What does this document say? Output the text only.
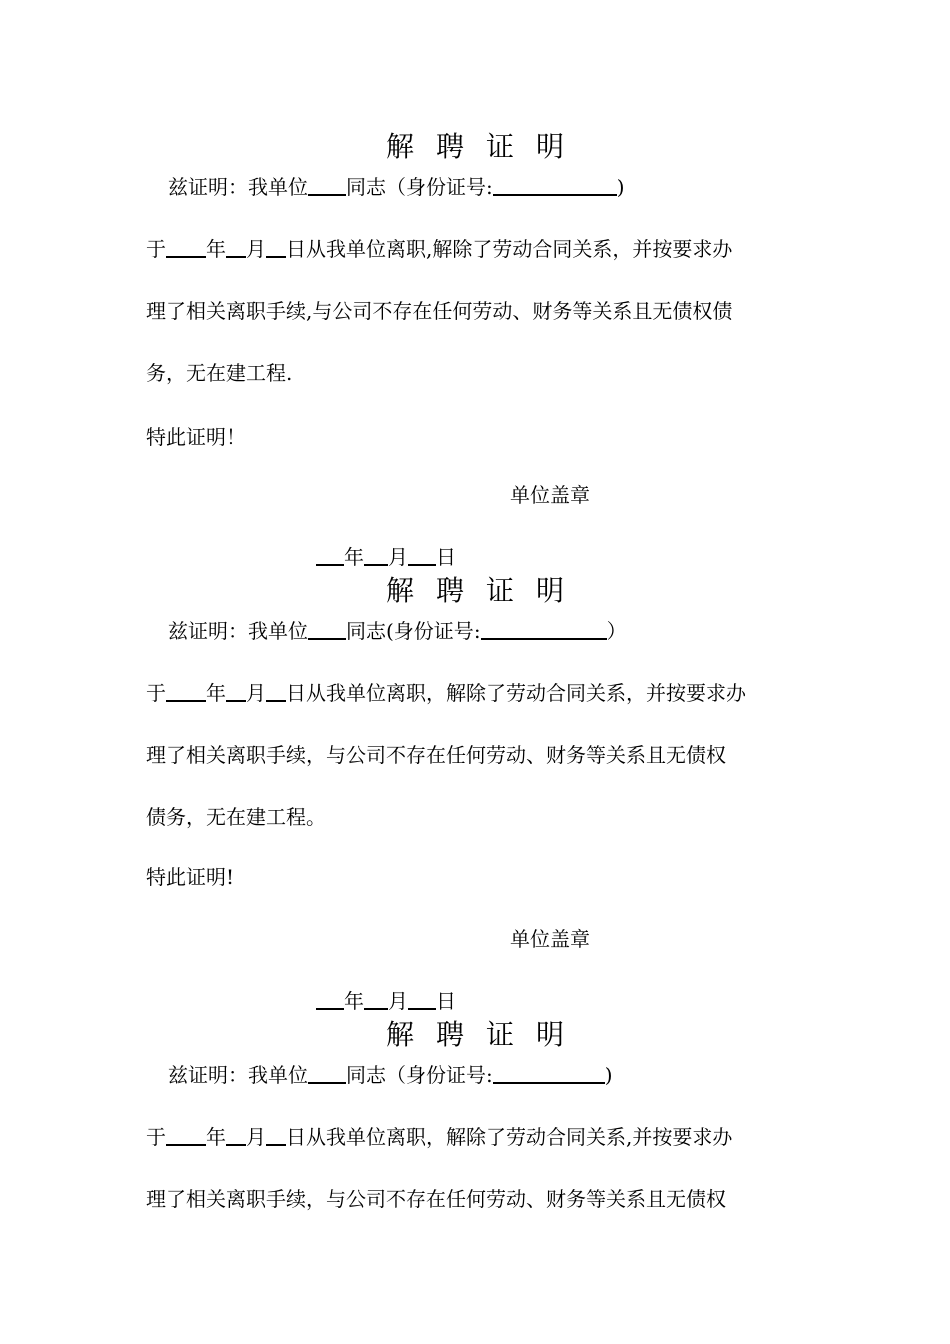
解 聘 证 明
兹证明：我单位 同志（身份证号:	)
于 年 月 日从我单位离职,解除了劳动合同关系，并按要求办
理了相关离职手续,与公司不存在任何劳动、财务等关系且无债权债
务，无在建工程.
特此证明！
单位盖章
年 月 日
解 聘 证 明
兹证明：我单位 同志(身份证号:	）
于 年 月 日从我单位离职，解除了劳动合同关系，并按要求办
理了相关离职手续，与公司不存在任何劳动、财务等关系且无债权
债务，无在建工程。
特此证明!
单位盖章
年 月 日
解 聘 证 明
兹证明：我单位 同志（身份证号:	)
于 年 月 日从我单位离职，解除了劳动合同关系,并按要求办
理了相关离职手续，与公司不存在任何劳动、财务等关系且无债权
